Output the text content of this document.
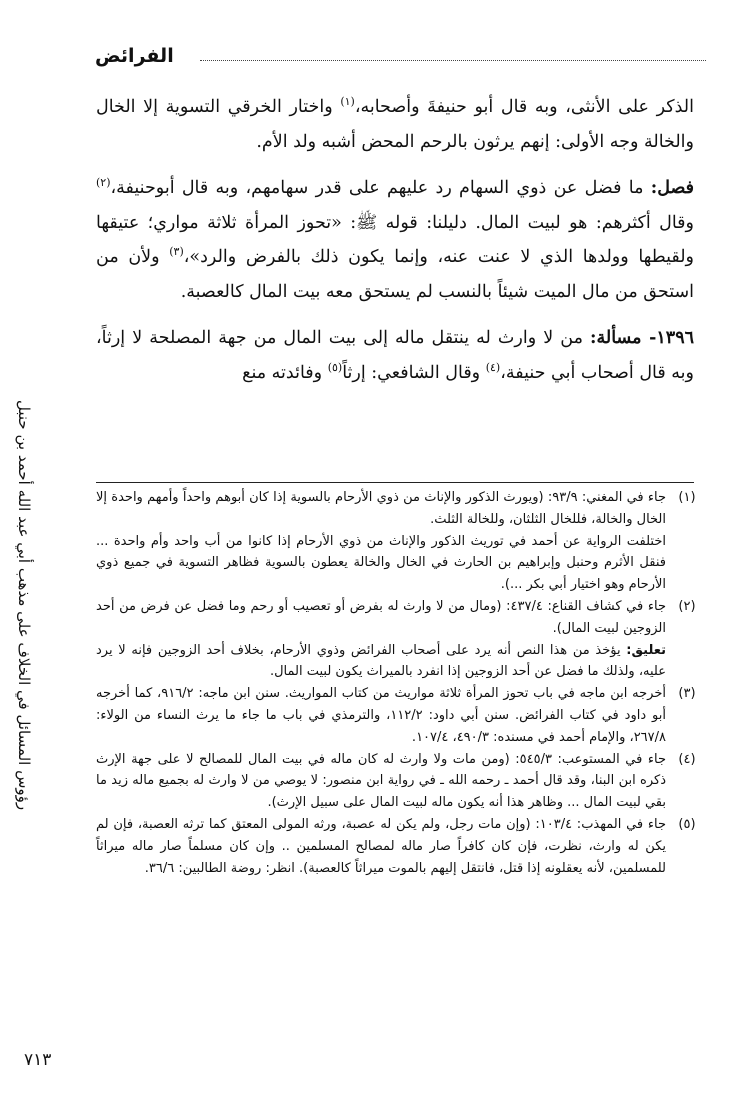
الفرائض

الذكر على الأنثى، وبه قال أبو حنيفةَ وأصحابه،$^{(١)}$ واختار الخرقي التسوية إلا الخال والخالة وجه الأولى: إنهم يرثون بالرحم المحض أشبه ولد الأم.

فصل: ما فضل عن ذوي السهام رد عليهم على قدر سهامهم، وبه قال أبوحنيفة،$^{(٢)}$ وقال أكثرهم: هو لبيت المال. دليلنا: قوله ﷺ: «تحوز المرأة ثلاثة مواري؛ عتيقها ولقيطها وولدها الذي لا عنت عنه، وإنما يكون ذلك بالفرض والرد»،$^{(٣)}$ ولأن من استحق من مال الميت شيئاً بالنسب لم يستحق معه بيت المال كالعصبة.

١٣٩٦- مسألة: من لا وارث له ينتقل ماله إلى بيت المال من جهة المصلحة لا إرثاً، وبه قال أصحاب أبي حنيفة،$^{(٤)}$ وقال الشافعي: إرثاً$^{(٥)}$ وفائدته منع

رؤوس المسائل في الخلاف على مذهب أبي عبد الله أحمد بن حنبل	(١)
جاء في المغني: ٩٣/٩: (ويورث الذكور والإناث من ذوي الأرحام بالسوية إذا كان أبوهم واحداً وأمهم واحدة إلا الخال والخالة، فللخال الثلثان، وللخالة الثلث.

اختلفت الرواية عن أحمد في توريث الذكور والإناث من ذوي الأرحام إذا كانوا من أب واحد وأم واحدة ... فنقل الأثرم وحنبل وإبراهيم بن الحارث في الخال والخالة يعطون بالسوية فظاهر التسوية في جميع ذوي الأرحام وهو اختيار أبي بكر ...).

(٢)
جاء في كشاف القناع: ٤٣٧/٤: (ومال من لا وارث له بفرض أو تعصيب أو رحم وما فضل عن فرض من أحد الزوجين لبيت المال).

تعليق: يؤخذ من هذا النص أنه يرد على أصحاب الفرائض وذوي الأرحام، بخلاف أحد الزوجين فإنه لا يرد عليه، ولذلك ما فضل عن أحد الزوجين إذا انفرد بالميراث يكون لبيت المال.

(٣)
أخرجه ابن ماجه في باب تحوز المرأة ثلاثة مواريث من كتاب المواريث. سنن ابن ماجه: ٩١٦/٢، كما أخرجه أبو داود في كتاب الفرائض. سنن أبي داود: ١١٢/٢، والترمذي في باب ما جاء ما يرث النساء من الولاء: ٢٦٧/٨، والإمام أحمد في مسنده: ٤٩٠/٣، ١٠٧/٤.

(٤)
جاء في المستوعب: ٥٤٥/٣: (ومن مات ولا وارث له كان ماله في بيت المال للمصالح لا على جهة الإرث ذكره ابن البنا، وقد قال أحمد ـ رحمه الله ـ في رواية ابن منصور: لا يوصي من لا وارث له بجميع ماله زيد ما بقي لبيت المال ... وظاهر هذا أنه يكون ماله لبيت المال على سبيل الإرث).

(٥)
جاء في المهذب: ١٠٣/٤: (وإن مات رجل، ولم يكن له عصبة، ورثه المولى المعتق كما ترثه العصبة، فإن لم يكن له وارث، نظرت، فإن كان كافراً صار ماله لمصالح المسلمين .. وإن كان مسلماً صار ماله ميراثاً للمسلمين، لأنه يعقلونه إذا قتل، فانتقل إليهم بالموت ميراثاً كالعصبة). انظر: روضة الطالبين: ٣٦/٦.

٧١٣
